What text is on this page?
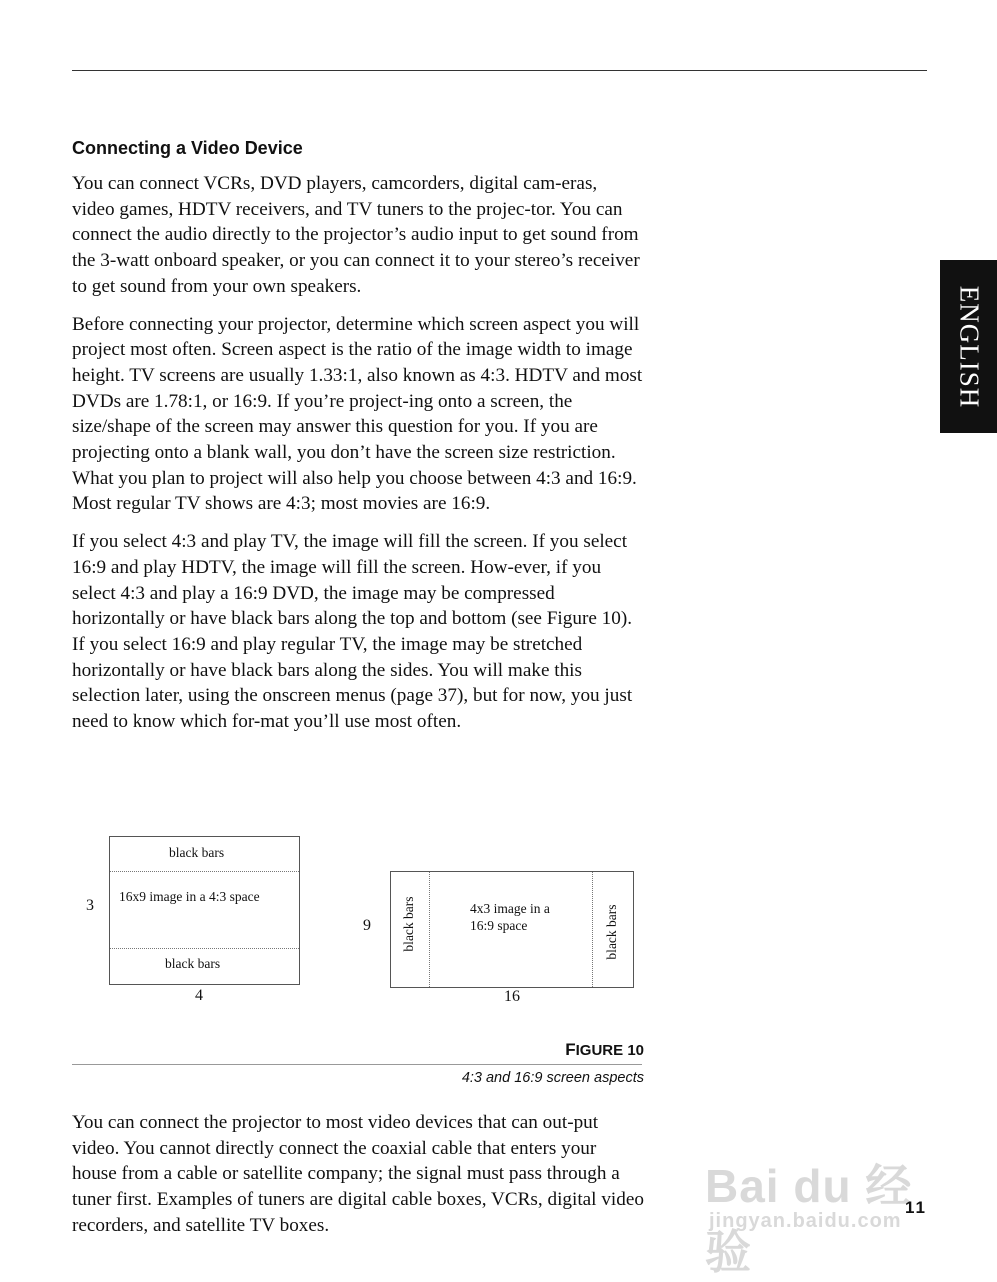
ENGLISH
Connecting a Video Device

You can connect VCRs, DVD players, camcorders, digital cam-eras, video games, HDTV receivers, and TV tuners to the projec-tor. You can connect the audio directly to the projector’s audio input to get sound from the 3-watt onboard speaker, or you can connect it to your stereo’s receiver to get sound from your own speakers.

Before connecting your projector, determine which screen aspect you will project most often. Screen aspect is the ratio of the image width to image height. TV screens are usually 1.33:1, also known as 4:3. HDTV and most DVDs are 1.78:1, or 16:9. If you’re project-ing onto a screen, the size/shape of the screen may answer this question for you. If you are projecting onto a blank wall, you don’t have the screen size restriction. What you plan to project will also help you choose between 4:3 and 16:9. Most regular TV shows are 4:3; most movies are 16:9.

If you select 4:3 and play TV, the image will fill the screen. If you select 16:9 and play HDTV, the image will fill the screen. How-ever, if you select 4:3 and play a 16:9 DVD, the image may be compressed horizontally or have black bars along the top and bottom (see Figure 10). If you select 16:9 and play regular TV, the image may be stretched horizontally or have black bars along the sides. You will make this selection later, using the onscreen menus (page 37), but for now, you just need to know which for-mat you’ll use most often.

black bars
16x9 image in a 4:3 space
black bars
3
4
black bars	4x3 image in a
16:9 space	black bars
9
16
FIGURE 10
4:3 and 16:9 screen aspects

You can connect the projector to most video devices that can out-put video. You cannot directly connect the coaxial cable that enters your house from a cable or satellite company; the signal must pass through a tuner first. Examples of tuners are digital cable boxes, VCRs, digital video recorders, and satellite TV boxes.

Bai du 经验
jingyan.baidu.com
11
